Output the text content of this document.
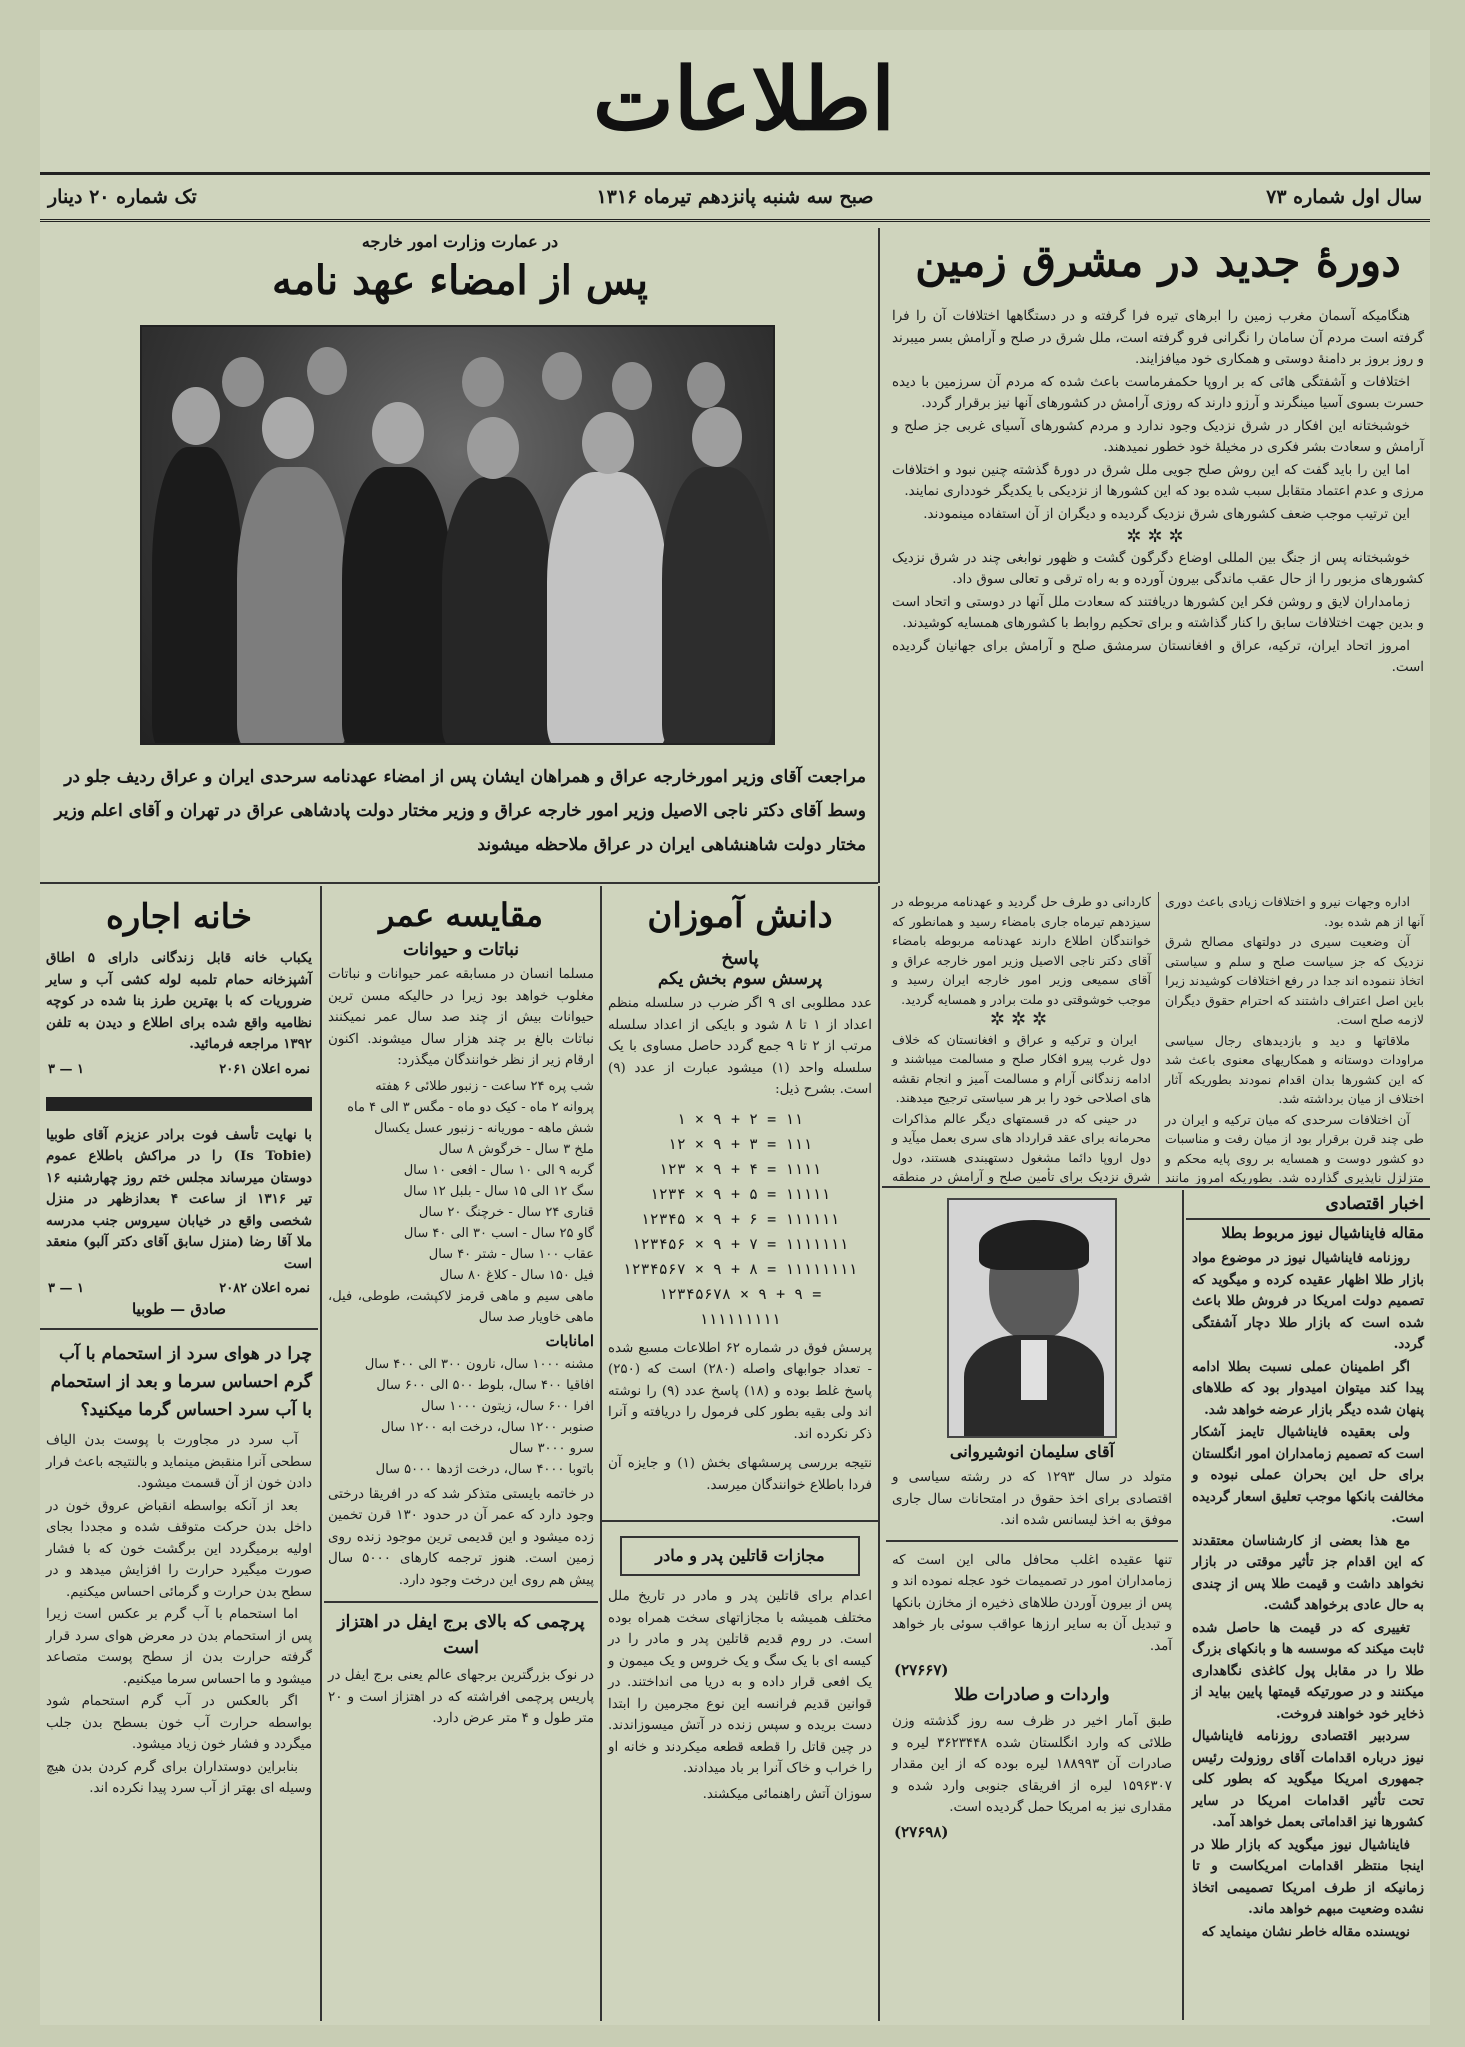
اطلاعات
سال اول شماره ۷۳
صبح سه شنبه پانزدهم تیرماه ۱۳۱۶
تک شماره ۲۰ دینار
دورهٔ جدید در مشرق زمین

هنگامیکه آسمان مغرب زمین را ابرهای تیره فرا گرفته و در دستگاهها اختلافات آن را فرا گرفته است مردم آن سامان را نگرانی فرو گرفته است، ملل شرق در صلح و آرامش بسر میبرند و روز بروز بر دامنهٔ دوستی و همکاری خود میافزایند.

اختلافات و آشفتگی هائی که بر اروپا حکمفرماست باعث شده که مردم آن سرزمین با دیده حسرت بسوی آسیا مینگرند و آرزو دارند که روزی آرامش در کشورهای آنها نیز برقرار گردد.

خوشبختانه این افکار در شرق نزدیک وجود ندارد و مردم کشورهای آسیای غربی جز صلح و آرامش و سعادت بشر فکری در مخیلهٔ خود خطور نمیدهند.

اما این را باید گفت که این روش صلح جویی ملل شرق در دورهٔ گذشته چنین نبود و اختلافات مرزی و عدم اعتماد متقابل سبب شده بود که این کشورها از نزدیکی با یکدیگر خودداری نمایند.

این ترتیب موجب ضعف کشورهای شرق نزدیک گردیده و دیگران از آن استفاده مینمودند.

✲✲✲

خوشبختانه پس از جنگ بین المللی اوضاع دگرگون گشت و ظهور نوابغی چند در شرق نزدیک کشورهای مزبور را از حال عقب ماندگی بیرون آورده و به راه ترقی و تعالی سوق داد.

زمامداران لایق و روشن فکر این کشورها دریافتند که سعادت ملل آنها در دوستی و اتحاد است و بدین جهت اختلافات سابق را کنار گذاشته و برای تحکیم روابط با کشورهای همسایه کوشیدند.

امروز اتحاد ایران، ترکیه، عراق و افغانستان سرمشق صلح و آرامش برای جهانیان گردیده است.

در عمارت وزارت امور خارجه
پس از امضاء عهد نامه
مراجعت آقای وزیر امورخارجه عراق و همراهان ایشان پس از امضاء عهدنامه سرحدی ایران و عراق ردیف جلو در وسط آقای دکتر ناجی الاصیل وزیر امور خارجه عراق و وزیر مختار دولت پادشاهی عراق در تهران و آقای اعلم وزیر مختار دولت شاهنشاهی ایران در عراق ملاحظه میشوند
دانش آموزان
پاسخ
پرسش سوم بخش یکم
عدد مطلوبی ای ۹ اگر ضرب در سلسله منظم اعداد از ۱ تا ۸ شود و بایکی از اعداد سلسله مرتب از ۲ تا ۹ جمع گردد حاصل مساوی با یک سلسله واحد (۱) میشود عبارت از عدد (۹) است. بشرح ذیل:
۱ × ۹ + ۲ = ۱۱
۱۲ × ۹ + ۳ = ۱۱۱
۱۲۳ × ۹ + ۴ = ۱۱۱۱
۱۲۳۴ × ۹ + ۵ = ۱۱۱۱۱
۱۲۳۴۵ × ۹ + ۶ = ۱۱۱۱۱۱
۱۲۳۴۵۶ × ۹ + ۷ = ۱۱۱۱۱۱۱
۱۲۳۴۵۶۷ × ۹ + ۸ = ۱۱۱۱۱۱۱۱
۱۲۳۴۵۶۷۸ × ۹ + ۹ = ۱۱۱۱۱۱۱۱۱
پرسش فوق در شماره ۶۲ اطلاعات مسبع شده - تعداد جوابهای واصله (۲۸۰) است که (۲۵۰) پاسخ غلط بوده و (۱۸) پاسخ عدد (۹) را نوشته اند ولی بقیه بطور کلی فرمول را دریافته و آنرا ذکر نکرده اند.
نتیجه بررسی پرسشهای بخش (۱) و جایزه آن فردا باطلاع خوانندگان میرسد.
مجازات قاتلین پدر و مادر
اعدام برای قاتلین پدر و مادر در تاریخ ملل مختلف همیشه با مجازاتهای سخت همراه بوده است. در روم قدیم قاتلین پدر و مادر را در کیسه ای با یک سگ و یک خروس و یک میمون و یک افعی قرار داده و به دریا می انداختند. در قوانین قدیم فرانسه این نوع مجرمین را ابتدا دست بریده و سپس زنده در آتش میسوزاندند. در چین قاتل را قطعه قطعه میکردند و خانه او را خراب و خاک آنرا بر باد میدادند.
سوزان آتش راهنمائی میکشند.
مقایسه عمر
نباتات و حیوانات
مسلما انسان در مسابقه عمر حیوانات و نباتات مغلوب خواهد بود زیرا در حالیکه مسن ترین حیوانات بیش از چند صد سال عمر نمیکنند نباتات بالغ بر چند هزار سال میشوند. اکنون ارقام زیر از نظر خوانندگان میگذرد:
شب پره ۲۴ ساعت - زنبور طلائی ۶ هفته
پروانه ۲ ماه - کیک دو ماه - مگس ۳ الی ۴ ماه
شش ماهه - موریانه - زنبور عسل یکسال
ملخ ۳ سال - خرگوش ۸ سال
گربه ۹ الی ۱۰ سال - افعی ۱۰ سال
سگ ۱۲ الی ۱۵ سال - بلبل ۱۲ سال
قناری ۲۴ سال - خرچنگ ۲۰ سال
گاو ۲۵ سال - اسب ۳۰ الی ۴۰ سال
عقاب ۱۰۰ سال - شتر ۴۰ سال
فیل ۱۵۰ سال - کلاغ ۸۰ سال
ماهی سیم و ماهی قرمز لاکپشت، طوطی، فیل، ماهی خاویار صد سال
امانابات
مشنه ۱۰۰۰ سال، نارون ۳۰۰ الی ۴۰۰ سال
افاقیا ۴۰۰ سال، بلوط ۵۰۰ الی ۶۰۰ سال
افرا ۶۰۰ سال، زیتون ۱۰۰۰ سال
صنوبر ۱۲۰۰ سال، درخت ابه ۱۲۰۰ سال
سرو ۳۰۰۰ سال
باتوبا ۴۰۰۰ سال، درخت اژدها ۵۰۰۰ سال
در خاتمه بایستی متذکر شد که در افریقا درختی وجود دارد که عمر آن در حدود ۱۳۰ قرن تخمین زده میشود و این قدیمی ترین موجود زنده روی زمین است. هنوز ترجمه کارهای ۵۰۰۰ سال پیش هم روی این درخت وجود دارد.
پرچمی که بالای برج ایفل در اهتزاز است
در نوک بزرگترین برجهای عالم یعنی برج ایفل در پاریس پرچمی افراشته که در اهتزاز است و ۲۰ متر طول و ۴ متر عرض دارد.
خانه اجاره
یکباب خانه قابل زندگانی دارای ۵ اطاق آشپزخانه حمام تلمبه لوله کشی آب و سایر ضروریات که با بهترین طرز بنا شده در کوچه نظامیه واقع شده برای اطلاع و دیدن به تلفن ۱۳۹۲ مراجعه فرمائید.
نمره اعلان ۲۰۶۱
۱ — ۳
با نهایت تأسف فوت برادر عزیزم آقای طوبیا (Is Tobie) را در مراکش باطلاع عموم دوستان میرساند مجلس ختم روز چهارشنبه ۱۶ تیر ۱۳۱۶ از ساعت ۴ بعدازظهر در منزل شخصی واقع در خیابان سیروس جنب مدرسه ملا آقا رضا (منزل سابق آقای دکتر آلبو) منعقد است
نمره اعلان ۲۰۸۲
۱ — ۳
صادق — طوبیا
چرا در هوای سرد از استحمام با آب گرم احساس سرما و بعد از استحمام با آب سرد احساس گرما میکنید؟

آب سرد در مجاورت با پوست بدن الیاف سطحی آنرا منقبض مینماید و بالنتیجه باعث فرار دادن خون از آن قسمت میشود.

بعد از آنکه بواسطه انقباض عروق خون در داخل بدن حرکت متوقف شده و مجددا بجای اولیه برمیگردد این برگشت خون که با فشار صورت میگیرد حرارت را افزایش میدهد و در سطح بدن حرارت و گرمائی احساس میکنیم.

اما استحمام با آب گرم بر عکس است زیرا پس از استحمام بدن در معرض هوای سرد قرار گرفته حرارت بدن از سطح پوست متصاعد میشود و ما احساس سرما میکنیم.

اگر بالعکس در آب گرم استحمام شود بواسطه حرارت آب خون بسطح بدن جلب میگردد و فشار خون زیاد میشود.

بنابراین دوستداران برای گرم کردن بدن هیچ وسیله ای بهتر از آب سرد پیدا نکرده اند.

آقای سلیمان انوشیروانی
متولد در سال ۱۲۹۳ که در رشته سیاسی و اقتصادی برای اخذ حقوق در امتحانات سال جاری موفق به اخذ لیسانس شده اند.
تنها عقیده اغلب محافل مالی این است که زمامداران امور در تصمیمات خود عجله نموده اند و پس از بیرون آوردن طلاهای ذخیره از مخازن بانکها و تبدیل آن به سایر ارزها عواقب سوئی بار خواهد آمد.
(۲۷۶۶۷)
واردات و صادرات طلا
طبق آمار اخیر در ظرف سه روز گذشته وزن طلائی که وارد انگلستان شده ۳۶۲۳۴۴۸ لیره و صادرات آن ۱۸۸۹۹۳ لیره بوده که از این مقدار ۱۵۹۶۳۰۷ لیره از افریقای جنوبی وارد شده و مقداری نیز به امریکا حمل گردیده است.
(۲۷۶۹۸)
اخبار اقتصادی
مقاله فایناشیال نیوز مربوط بطلا

روزنامه فایناشیال نیوز در موضوع مواد بازار طلا اظهار عقیده کرده و میگوید که تصمیم دولت امریکا در فروش طلا باعث شده است که بازار طلا دچار آشفتگی گردد.

اگر اطمینان عملی نسبت بطلا ادامه پیدا کند میتوان امیدوار بود که طلاهای پنهان شده دیگر بازار عرضه خواهد شد.

ولی بعقیده فایناشیال تایمز آشکار است که تصمیم زمامداران امور انگلستان برای حل این بحران عملی نبوده و مخالفت بانکها موجب تعلیق اسعار گردیده است.

مع هذا بعضی از کارشناسان معتقدند که این اقدام جز تأثیر موقتی در بازار نخواهد داشت و قیمت طلا پس از چندی به حال عادی برخواهد گشت.

تغییری که در قیمت ها حاصل شده ثابت میکند که موسسه ها و بانکهای بزرگ طلا را در مقابل پول کاغذی نگاهداری میکنند و در صورتیکه قیمتها پایین بیاید از ذخایر خود خواهند فروخت.

سردبیر اقتصادی روزنامه فایناشیال نیوز درباره اقدامات آقای روزولت رئیس جمهوری امریکا میگوید که بطور کلی تحت تأثیر اقدامات امریکا در سایر کشورها نیز اقداماتی بعمل خواهد آمد.

فایناشیال نیوز میگوید که بازار طلا در اینجا منتظر اقدامات امریکاست و تا زمانیکه از طرف امریکا تصمیمی اتخاذ نشده وضعیت مبهم خواهد ماند.

نویسنده مقاله خاطر نشان مینماید که

اداره وجهات نیرو و اختلافات زیادی باعث دوری آنها از هم شده بود.

آن وضعیت سیری در دولتهای مصالح شرق نزدیک که جز سیاست صلح و سلم و سیاستی اتخاذ ننموده اند جدا در رفع اختلافات کوشیدند زیرا باین اصل اعتراف داشتند که احترام حقوق دیگران لازمه صلح است.

ملاقاتها و دید و بازدیدهای رجال سیاسی مراودات دوستانه و همکاریهای معنوی باعث شد که این کشورها بدان اقدام نمودند بطوریکه آثار اختلاف از میان برداشته شد.

آن اختلافات سرحدی که میان ترکیه و ایران در طی چند قرن برقرار بود از میان رفت و مناسبات دو کشور دوست و همسایه بر روی پایه محکم و متزلزل ناپذیری گذارده شد. بطوریکه امروز مانند

کاردانی دو طرف حل گردید و عهدنامه مربوطه در سیزدهم تیرماه جاری بامضاء رسید و همانطور که خوانندگان اطلاع دارند عهدنامه مربوطه بامضاء آقای دکتر ناجی الاصیل وزیر امور خارجه عراق و آقای سمیعی وزیر امور خارجه ایران رسید و موجب خوشوقتی دو ملت برادر و همسایه گردید.

✲✲✲

ایران و ترکیه و عراق و افغانستان که خلاف دول غرب پیرو افکار صلح و مسالمت میباشند و ادامه زندگانی آرام و مسالمت آمیز و انجام نقشه های اصلاحی خود را بر هر سیاستی ترجیح میدهند.

در حینی که در قسمتهای دیگر عالم مذاکرات محرمانه برای عقد قرارداد های سری بعمل میآید و دول اروپا دائما مشغول دستهبندی هستند، دول شرق نزدیک برای تأمین صلح و آرامش در منطقه
